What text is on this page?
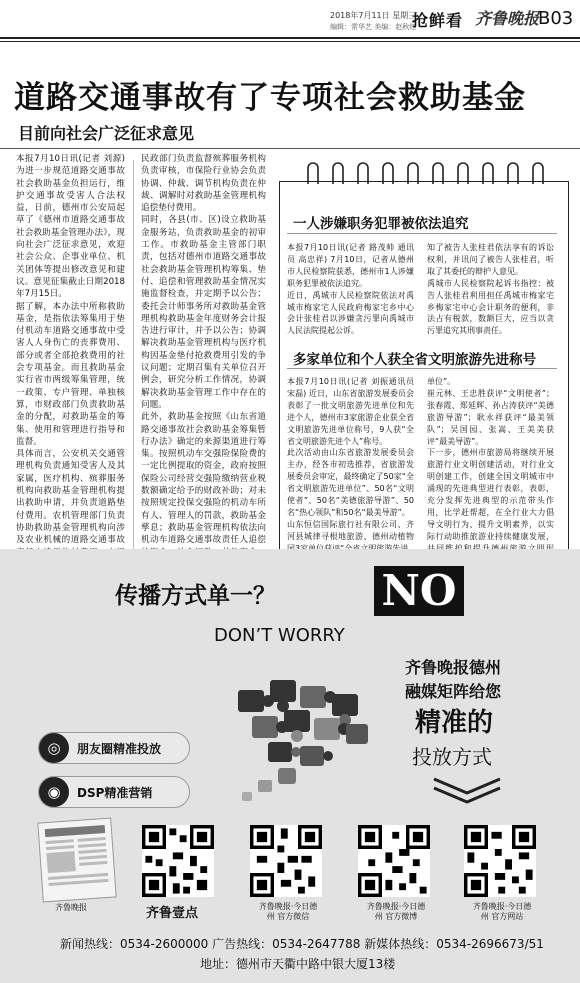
2018年7月11日 星期三
编辑：常华艺 美编：赵秋红
抢鲜看 齐鲁晚报
B03
道路交通事故有了专项社会救助基金
目前向社会广泛征求意见
本报7月10日讯(记者 刘源) 为进一步规范道路交通事故社会救助基金负担运行，维护交通事故受害人合法权益，日前，德州市公安局起草了《德州市道路交通事故社会救助基金管理办法》，现向社会广泛征求意见，欢迎社会公众、企事业单位、机关团体等提出修改意见和建议。意见征集截止日期2018年7月15日。
据了解，本办法中所称救助基金，是指依法筹集用于垫付机动车道路交通事故中受害人人身伤亡的丧葬费用、部分或者全部抢救费用的社会专项基金。而且救助基金实行省市两级筹集管理，统一政策、专户管理、单独核算，市财政部门负责救助基金的分配，对救助基金的筹集、使用和管理进行指导和监督。
具体而言，公安机关交通管理机构负责通知受害人及其家属，医疗机构、殡葬服务机构向救助基金管理机构提出救助申请，并负责道路垫付费用。农机管理部门负责协助救助基金管理机构向涉及农业机械的道路交通事故
民政部门负责监督殡葬服务机构负责审核，市保险行业协会负责协调、仲裁、调节机构负责在仲裁、调解时对救助基金管理机构追偿垫付费用。
同时，各县(市、区)设立救助基金服务站，负责救助基金的初审工作。市救助基金主管部门职责，包括对德州市道路交通事故社会救助基金管理机构筹集、垫付、追偿和管理救助基金情况实施监督检查，并定期予以公告；委托会计师事务所对救助基金管理机构救助基金年度财务会计报告进行审计，并予以公告；协调解决救助基金管理机构与医疗机构因基金垫付抢救费用引发的争议问题；定期召集有关单位召开例会，研究分析工作情况，协调解决救助基金管理工作中存在的问题。
此外，救助基金按照《山东省道路交通事故社会救助基金筹集暂行办法》确定的来源渠道进行筹集。按照机动车交强险保险费的一定比例提取的资金，政府按照保险公司经营交强险缴纳营业税数额确定给予的财政补助；对未按照规定投保交强险的机动车所有人、管理人的罚款，救助基金孳息；救助基金管理机构依法向机动车道路交通事故责任人追偿
一人涉嫌职务犯罪被依法追究
本报7月10日讯(记者 路茂帅 通讯员 高忠祥) 7月10日，记者从德州市人民检察院获悉，德州市1人涉嫌职务犯罪被依法追究。
近日，禹城市人民检察院依法对禹城市梅家宅人民政府梅家宅乡中心会计张桂君以涉嫌贪污罪向禹城市人民法院提起公诉。

知了被告人张桂君依法享有的诉讼权利，并讯问了被告人张桂君，听取了其委托的辩护人意见。
禹城市人民检察院起诉书指控：被告人张桂君利用担任禹城市梅家宅乡梅家宅中心会计职务的便利，非法占有税款，数额巨大，应当以贪污罪追究其刑事责任。
多家单位和个人获全省文明旅游先进称号
本报7月10日讯(记者 刘振通讯员 宋磊) 近日，山东省旅游发展委员会表彰了一批文明旅游先进单位和先进个人，德州市3家旅游企业获全省文明旅游先进单位称号，9人获“全省文明旅游先进个人”称号。
此次活动由山东省旅游发展委员会主办，经各市初选推荐，省旅游发展委员会审定，最终确定了50家“全省文明旅游先进单位”、50名“文明使者”、50名“美德旅游导游”、50名“热心领队”和50名“最美导游”。
山东恒信国际旅行社有限公司、齐河县城律寻根地旅游、德州动植物
单位”。
崔元林、王忠胜获评“文明使者”；张春霞、郑延辉、孙占涛获评“美德旅游导游”；耿永祥获评“最美领队”；吴国园、张嵩、王美美获评“最美导游”。
下一步，德州市旅游局将继续开展旅游行业文明创建活动，对行业文明创建工作，创建全国文明城市中涌现的先进典型进行表彰，表彰，充分发挥先进典型的示范带头作用，比学赶帮超，在全行业大力倡导文明行为、提升文明素养，以实际行动助推旅游业持续健康发展，
传播方式单一？	NO
DON’T WORRY
齐鲁晚报德州
融媒矩阵给您
精准的
投放方式
◎	朋友圈精准投放
◉	DSP精准营销
齐鲁晚报	齐鲁壹点	齐鲁晚报·今日德州 官方微信
齐鲁晚报·今日德州 官方微博
齐鲁晚报·今日德州 官方网站
新闻热线：0534-2600000 广告热线：0534-2647788 新媒体热线：0534-2696673/51
地址：德州市天衢中路中银大厦13楼
